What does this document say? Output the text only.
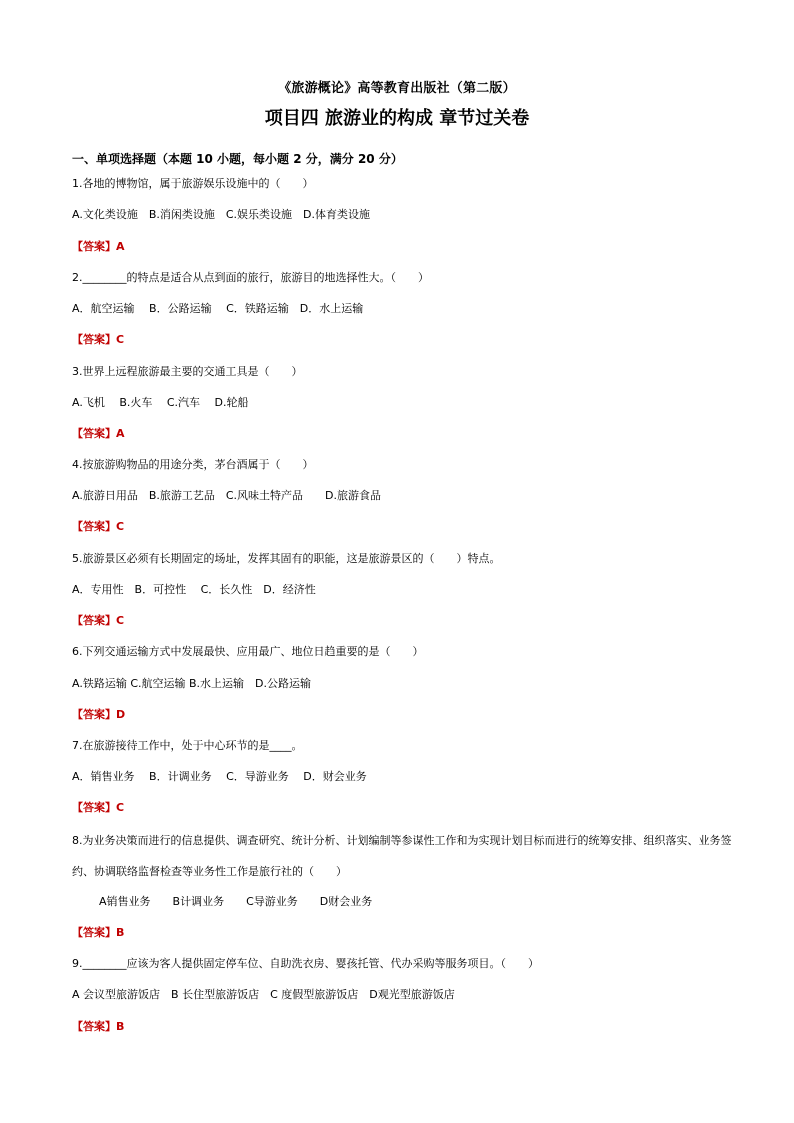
《旅游概论》高等教育出版社（第二版）
项目四 旅游业的构成 章节过关卷
一、单项选择题（本题 10 小题，每小题 2 分，满分 20 分）
1.各地的博物馆，属于旅游娱乐设施中的（　　）
A.文化类设施　B.消闲类设施　C.娱乐类设施　D.体育类设施
【答案】A
2.________的特点是适合从点到面的旅行，旅游目的地选择性大。（　　）
A．航空运输　 B．公路运输　 C．铁路运输　D．水上运输
【答案】C
3.世界上远程旅游最主要的交通工具是（　　）
A.飞机　 B.火车　 C.汽车　 D.轮船
【答案】A
4.按旅游购物品的用途分类，茅台酒属于（　　）
A.旅游日用品　B.旅游工艺品　C.风味土特产品　　D.旅游食品
【答案】C
5.旅游景区必须有长期固定的场址，发挥其固有的职能，这是旅游景区的（　　）特点。
A．专用性　B．可控性　 C．长久性　D．经济性
【答案】C
6.下列交通运输方式中发展最快、应用最广、地位日趋重要的是（　　）
A.铁路运输 C.航空运输 B.水上运输　D.公路运输
【答案】D
7.在旅游接待工作中，处于中心环节的是____。
A．销售业务　 B．计调业务　 C．导游业务　 D．财会业务
【答案】C
8.为业务决策而进行的信息提供、调查研究、统计分析、计划编制等参谋性工作和为实现计划目标而进行的统筹安排、组织落实、业务签约、协调联络监督检查等业务性工作是旅行社的（　　）
A销售业务　　B计调业务　　C导游业务　　D财会业务
【答案】B
9.________应该为客人提供固定停车位、自助洗衣房、婴孩托管、代办采购等服务项目。（　　）
A 会议型旅游饭店　B 长住型旅游饭店　C 度假型旅游饭店　D观光型旅游饭店
【答案】B
